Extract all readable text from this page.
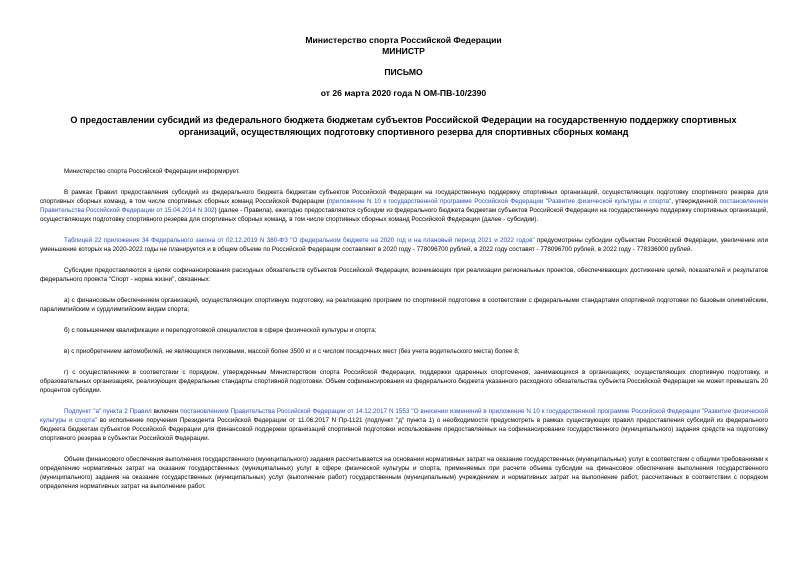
Министерство спорта Российской Федерации
МИНИСТР
ПИСЬМО
от 26 марта 2020 года N ОМ-ПВ-10/2390
О предоставлении субсидий из федерального бюджета бюджетам субъектов Российской Федерации на государственную поддержку спортивных организаций, осуществляющих подготовку спортивного резерва для спортивных сборных команд

Министерство спорта Российской Федерации информирует.

В рамках Правил предоставления субсидий из федерального бюджета бюджетам субъектов Российской Федерации на государственную поддержку спортивных организаций, осуществляющих подготовку спортивного резерва для спортивных сборных команд, в том числе спортивных сборных команд Российской Федерации (приложение N 10 к государственной программе Российской Федерации "Развитие физической культуры и спорта", утвержденной постановлением Правительства Российской Федерации от 15.04.2014 N 302) (далее - Правила), ежегодно предоставляются субсидии из федерального бюджета бюджетам субъектов Российской Федерации на государственную поддержку спортивных организаций, осуществляющих подготовку спортивного резерва для спортивных сборных команд, в том числе спортивных сборных команд Российской Федерации (далее - субсидии).

Таблицей 22 приложения 34 Федерального закона от 02.12.2019 N 380-ФЗ "О федеральном бюджете на 2020 год и на плановый период 2021 и 2022 годов" предусмотрены субсидии субъектам Российской Федерации, увеличение или уменьшение которых на 2020-2022 годы не планируется и в общем объеме по Российской Федерации составляют в 2020 году - 778096700 рублей, в 2022 году составят - 778096700 рублей, в 2022 году - 778336000 рублей.

Субсидии предоставляются в целях софинансирования расходных обязательств субъектов Российской Федерации, возникающих при реализации региональных проектов, обеспечивающих достижение целей, показателей и результатов федерального проекта "Спорт - норма жизни", связанных:

а) с финансовым обеспечением организаций, осуществляющих спортивную подготовку, на реализацию программ по спортивной подготовке в соответствии с федеральными стандартами спортивной подготовки по базовым олимпийским, паралимпийским и сурдлимпийским видам спорта;

б) с повышением квалификации и переподготовкой специалистов в сфере физической культуры и спорта;

в) с приобретением автомобилей, не являющихся легковыми, массой более 3500 кг и с числом посадочных мест (без учета водительского места) более 8;

г) с осуществлением в соответствии с порядком, утвержденным Министерством спорта Российской Федерации, поддержки одаренных спортсменов, занимающихся в организациях, осуществляющих спортивную подготовку, и образовательных организациях, реализующих федеральные стандарты спортивной подготовки. Объем софинансирования из федерального бюджета указанного расходного обязательства субъекта Российской Федерации не может превышать 20 процентов субсидии.

Подпункт "а" пункта 2 Правил включен постановлением Правительства Российской Федерации от 14.12.2017 N 1553 "О внесении изменений в приложение N 10 к государственной программе Российской Федерации "Развитие физической культуры и спорта" во исполнение поручения Президента Российской Федерации от 11.06.2017 N Пр-1121 (подпункт "д" пункта 1) о необходимости предусмотреть в рамках существующих правил предоставления субсидий из федерального бюджета бюджетам субъектов Российской Федерации для финансовой поддержки организаций спортивной подготовки использование предоставляемых на софинансирование государственного (муниципального) задания средств на подготовку спортивного резерва в субъектах Российской Федерации.

Объем финансового обеспечения выполнения государственного (муниципального) задания рассчитывается на основании нормативных затрат на оказание государственных (муниципальных) услуг в соответствии с общими требованиями к определению нормативных затрат на оказание государственных (муниципальных) услуг в сфере физической культуры и спорта, применяемых при расчете объема субсидии на финансовое обеспечение выполнения государственного (муниципального) задания на оказание государственных (муниципальных) услуг (выполнение работ) государственным (муниципальным) учреждением и нормативных затрат на выполнение работ, рассчитанных в соответствии с порядком определения нормативных затрат на выполнение работ.
